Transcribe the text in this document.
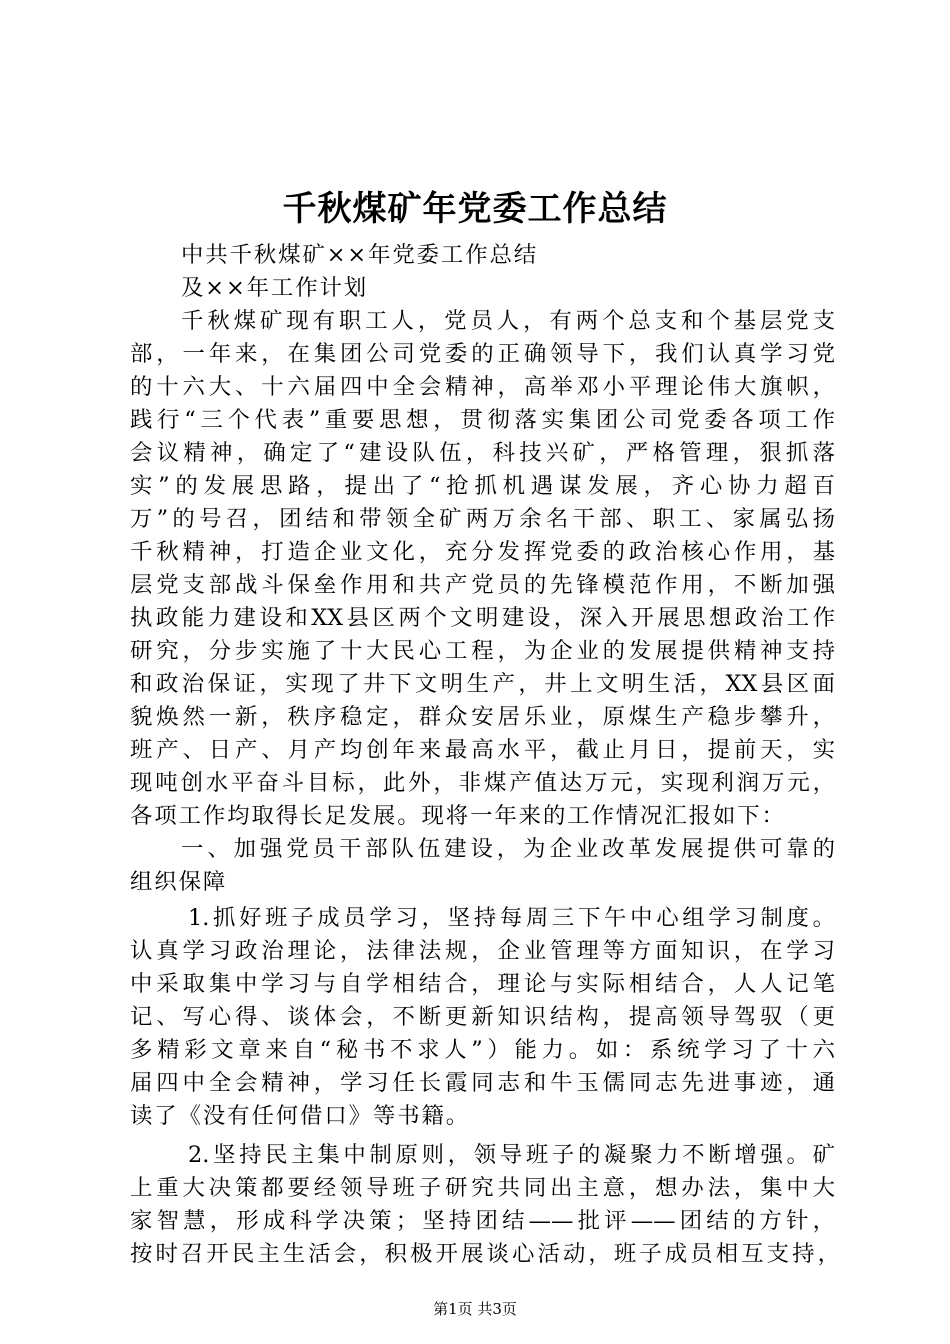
千秋煤矿年党委工作总结
中共千秋煤矿××年党委工作总结
及××年工作计划
千秋煤矿现有职工人，党员人，有两个总支和个基层党支
部，一年来，在集团公司党委的正确领导下，我们认真学习党
的十六大、十六届四中全会精神，高举邓小平理论伟大旗帜，
践行“三个代表”重要思想，贯彻落实集团公司党委各项工作
会议精神，确定了“建设队伍，科技兴矿，严格管理，狠抓落
实”的发展思路，提出了“抢抓机遇谋发展，齐心协力超百
万”的号召，团结和带领全矿两万余名干部、职工、家属弘扬
千秋精神，打造企业文化，充分发挥党委的政治核心作用，基
层党支部战斗保垒作用和共产党员的先锋模范作用，不断加强
执政能力建设和XX县区两个文明建设，深入开展思想政治工作
研究，分步实施了十大民心工程，为企业的发展提供精神支持
和政治保证，实现了井下文明生产，井上文明生活，XX县区面
貌焕然一新，秩序稳定，群众安居乐业，原煤生产稳步攀升，
班产、日产、月产均创年来最高水平，截止月日，提前天，实
现吨创水平奋斗目标，此外，非煤产值达万元，实现利润万元，
各项工作均取得长足发展。现将一年来的工作情况汇报如下：
一、加强党员干部队伍建设，为企业改革发展提供可靠的
组织保障
1.抓好班子成员学习，坚持每周三下午中心组学习制度。
认真学习政治理论，法律法规，企业管理等方面知识，在学习
中采取集中学习与自学相结合，理论与实际相结合，人人记笔
记、写心得、谈体会，不断更新知识结构，提高领导驾驭（更
多精彩文章来自“秘书不求人”）能力。如：系统学习了十六
届四中全会精神，学习任长霞同志和牛玉儒同志先进事迹，通
读了《没有任何借口》等书籍。
2.坚持民主集中制原则，领导班子的凝聚力不断增强。矿
上重大决策都要经领导班子研究共同出主意，想办法，集中大
家智慧，形成科学决策；坚持团结——批评——团结的方针，
按时召开民主生活会，积极开展谈心活动，班子成员相互支持，
第1页 共3页
